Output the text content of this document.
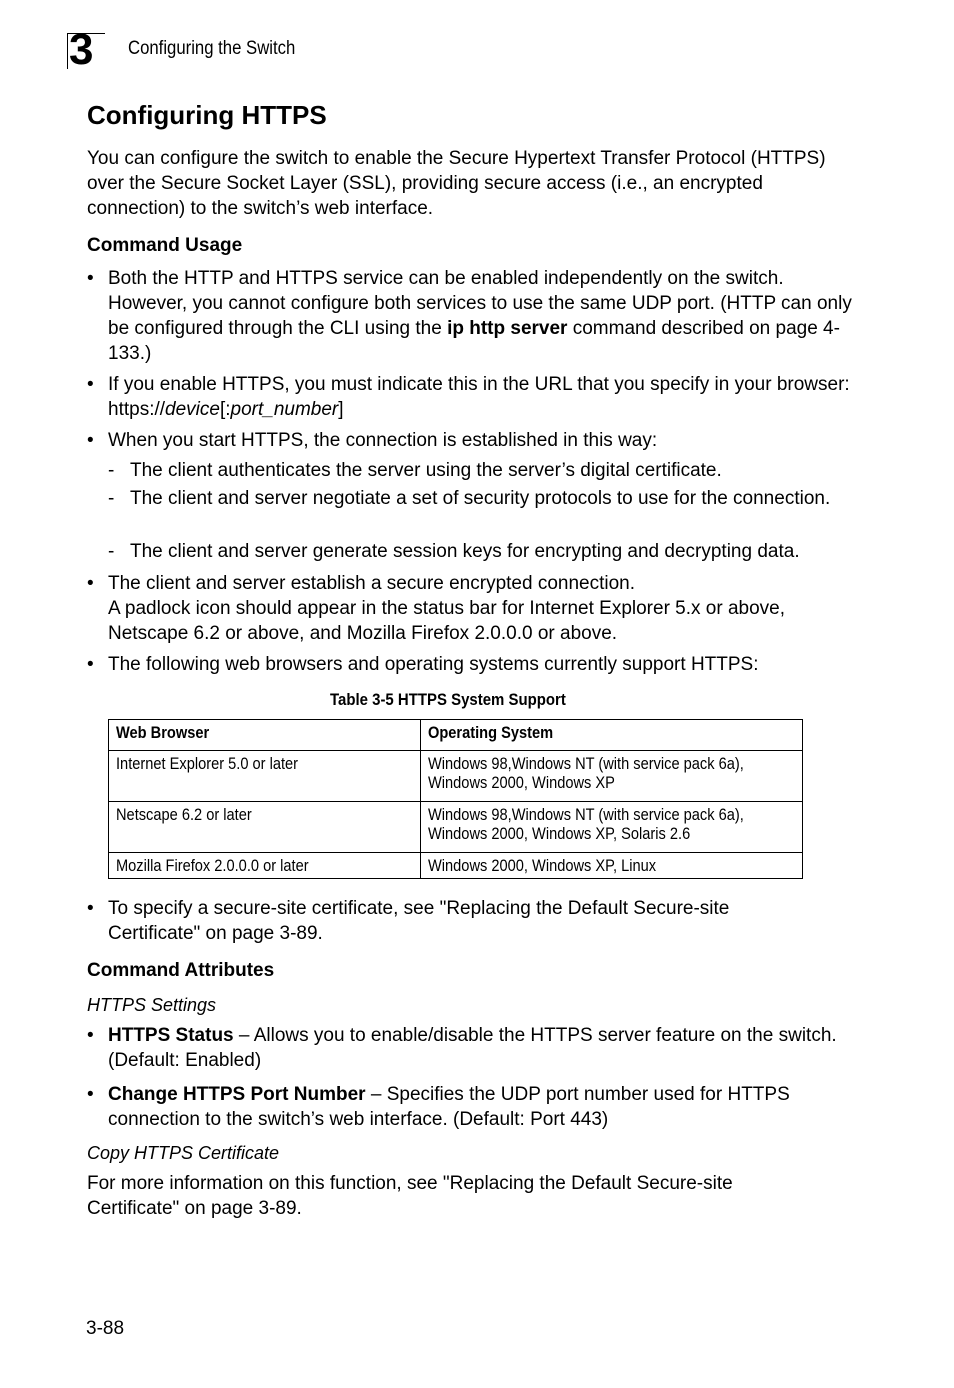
3 Configuring the Switch
Configuring HTTPS
You can configure the switch to enable the Secure Hypertext Transfer Protocol (HTTPS) over the Secure Socket Layer (SSL), providing secure access (i.e., an encrypted connection) to the switch’s web interface.
Command Usage
• Both the HTTP and HTTPS service can be enabled independently on the switch. However, you cannot configure both services to use the same UDP port. (HTTP can only be configured through the CLI using the ip http server command described on page 4-133.)
• If you enable HTTPS, you must indicate this in the URL that you specify in your browser: https://device[:port_number]
• When you start HTTPS, the connection is established in this way:
- The client authenticates the server using the server’s digital certificate.
- The client and server negotiate a set of security protocols to use for the connection.
- The client and server generate session keys for encrypting and decrypting data.
• The client and server establish a secure encrypted connection.
A padlock icon should appear in the status bar for Internet Explorer 5.x or above, Netscape 6.2 or above, and Mozilla Firefox 2.0.0.0 or above.
• The following web browsers and operating systems currently support HTTPS:
Table 3-5 HTTPS System Support
Web Browser	Operating System
Internet Explorer 5.0 or later	Windows 98,Windows NT (with service pack 6a),
Windows 2000, Windows XP
Netscape 6.2 or later	Windows 98,Windows NT (with service pack 6a),
Windows 2000, Windows XP, Solaris 2.6
Mozilla Firefox 2.0.0.0 or later	Windows 2000, Windows XP, Linux
• To specify a secure-site certificate, see "Replacing the Default Secure-site Certificate" on page 3-89.
Command Attributes
HTTPS Settings
• HTTPS Status – Allows you to enable/disable the HTTPS server feature on the switch. (Default: Enabled)
• Change HTTPS Port Number – Specifies the UDP port number used for HTTPS connection to the switch’s web interface. (Default: Port 443)
Copy HTTPS Certificate
For more information on this function, see "Replacing the Default Secure-site Certificate" on page 3-89.
3-88
